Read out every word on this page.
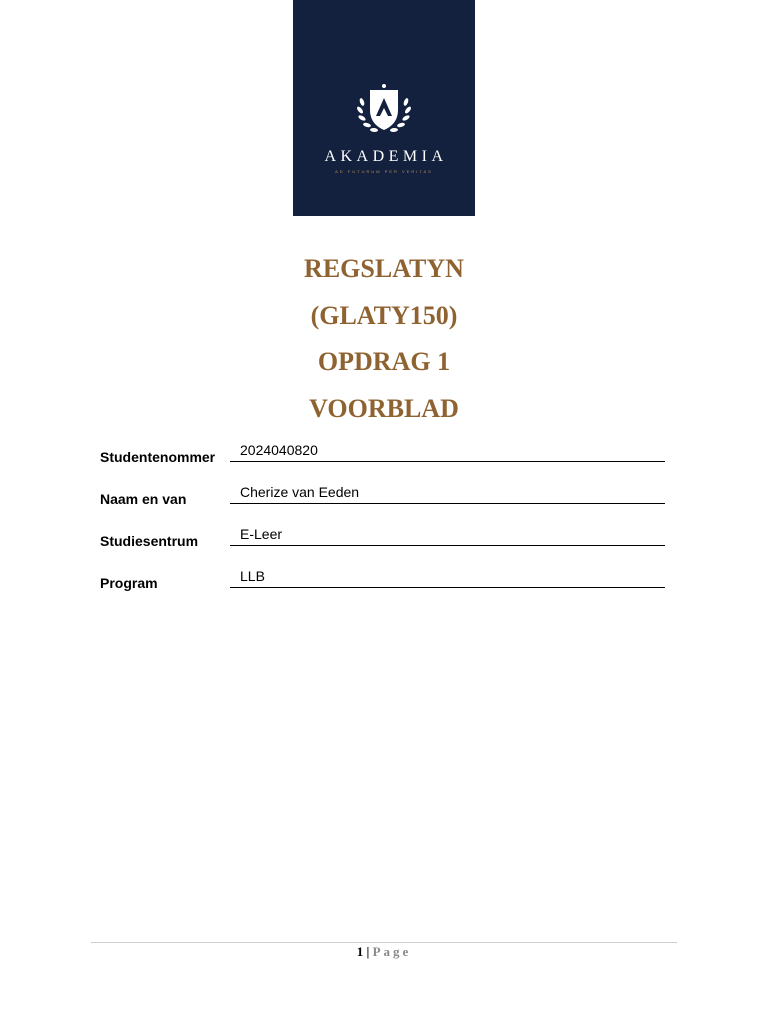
AKADEMIA
AD FUTURUM PER VERITAS
REGSLATYN
(GLATY150)
OPDRAG 1
VOORBLAD
Studentenommer	2024040820
Naam en van	Cherize van Eeden
Studiesentrum	E-Leer
Program	LLB
1 | Page
